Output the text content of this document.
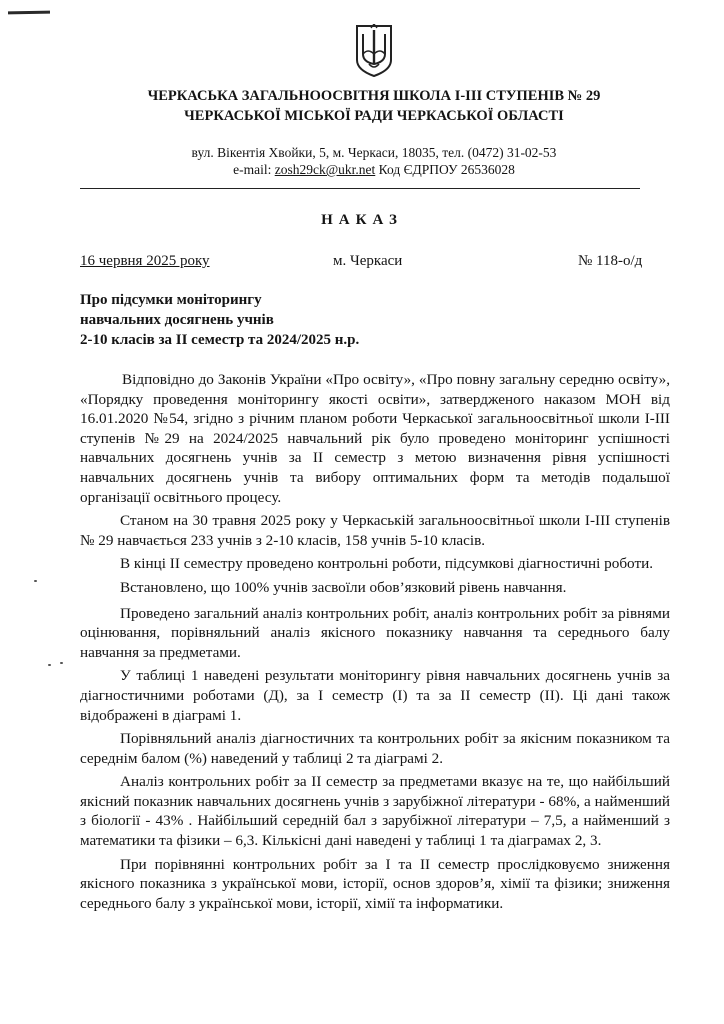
ЧЕРКАСЬКА ЗАГАЛЬНООСВІТНЯ ШКОЛА І-ІІІ СТУПЕНІВ № 29
ЧЕРКАСЬКОЇ МІСЬКОЇ РАДИ ЧЕРКАСЬКОЇ ОБЛАСТІ
вул. Вікентія Хвойки, 5, м. Черкаси, 18035, тел. (0472) 31-02-53
e-mail: zosh29ck@ukr.net Код ЄДРПОУ 26536028
НАКАЗ
16 червня 2025 року	м. Черкаси	№ 118-о/д
Про підсумки моніторингу
навчальних досягнень учнів
2-10 класів за II семестр та 2024/2025 н.р.

Відповідно до Законів України «Про освіту», «Про повну загальну середню освіту», «Порядку проведення моніторингу якості освіти», затвердженого наказом МОН від 16.01.2020 №54, згідно з річним планом роботи Черкаської загальноосвітньої школи І-ІІІ ступенів №29 на 2024/2025 навчальний рік було проведено моніторинг успішності навчальних досягнень учнів за ІІ семестр з метою визначення рівня успішності навчальних досягнень учнів та вибору оптимальних форм та методів подальшої організації освітнього процесу.

Станом на 30 травня 2025 року у Черкаській загальноосвітньої школи І-ІІІ ступенів № 29 навчається 233 учнів з 2-10 класів, 158 учнів 5-10 класів.

В кінці ІІ семестру проведено контрольні роботи, підсумкові діагностичні роботи.

Встановлено, що 100% учнів засвоїли обов’язковий рівень навчання.

Проведено загальний аналіз контрольних робіт, аналіз контрольних робіт за рівнями оцінювання, порівняльний аналіз якісного показнику навчання та середнього балу навчання за предметами.

У таблиці 1 наведені результати моніторингу рівня навчальних досягнень учнів за діагностичними роботами (Д), за І семестр (І) та за ІІ семестр (ІІ). Ці дані також відображені в діаграмі 1.

Порівняльний аналіз діагностичних та контрольних робіт за якісним показником та середнім балом (%) наведений у таблиці 2 та діаграмі 2.

Аналіз контрольних робіт за ІІ семестр за предметами вказує на те, що найбільший якісний показник навчальних досягнень учнів з зарубіжної літератури - 68%, а найменший з біології - 43% . Найбільший середній бал з зарубіжної літератури – 7,5, а найменший з математики та фізики – 6,3. Кількісні дані наведені у таблиці 1 та діаграмах 2, 3.

При порівнянні контрольних робіт за І та ІІ семестр прослідковуємо зниження якісного показника з української мови, історії, основ здоров’я, хімії та фізики; зниження середнього балу з української мови, історії, хімії та інформатики.
